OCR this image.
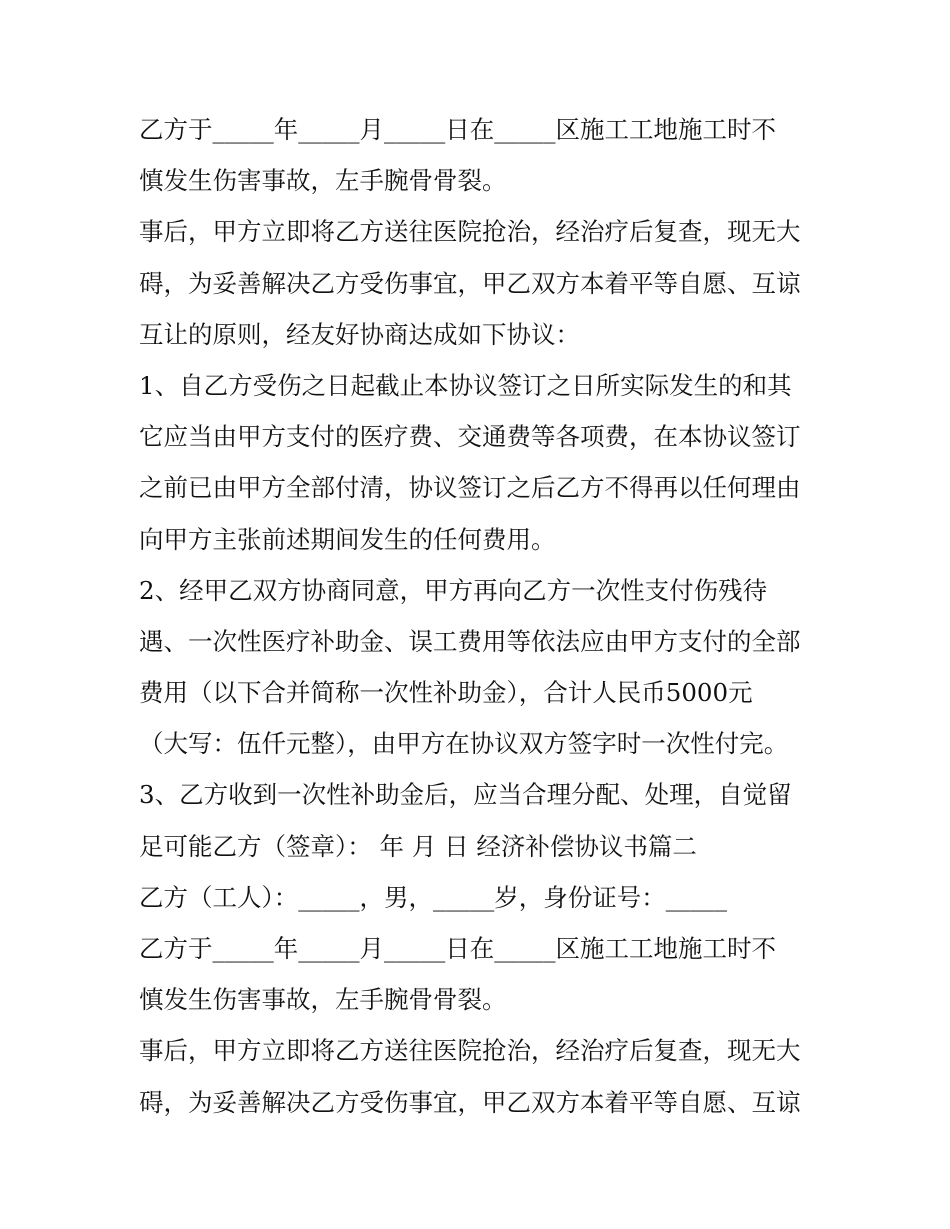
乙方于_____年_____月_____日在_____区施工工地施工时不
慎发生伤害事故，左手腕骨骨裂。
事后，甲方立即将乙方送往医院抢治，经治疗后复查，现无大
碍，为妥善解决乙方受伤事宜，甲乙双方本着平等自愿、互谅
互让的原则，经友好协商达成如下协议：
1、自乙方受伤之日起截止本协议签订之日所实际发生的和其
它应当由甲方支付的医疗费、交通费等各项费，在本协议签订
之前已由甲方全部付清，协议签订之后乙方不得再以任何理由
向甲方主张前述期间发生的任何费用。
2、经甲乙双方协商同意，甲方再向乙方一次性支付伤残待
遇、一次性医疗补助金、误工费用等依法应由甲方支付的全部
费用（以下合并简称一次性补助金），合计人民币5000元
（大写：伍仟元整），由甲方在协议双方签字时一次性付完。
3、乙方收到一次性补助金后，应当合理分配、处理，自觉留
足可能乙方（签章）： 年 月 日 经济补偿协议书篇二
乙方（工人）：_____，男，_____岁，身份证号：_____
乙方于_____年_____月_____日在_____区施工工地施工时不
慎发生伤害事故，左手腕骨骨裂。
事后，甲方立即将乙方送往医院抢治，经治疗后复查，现无大
碍，为妥善解决乙方受伤事宜，甲乙双方本着平等自愿、互谅
